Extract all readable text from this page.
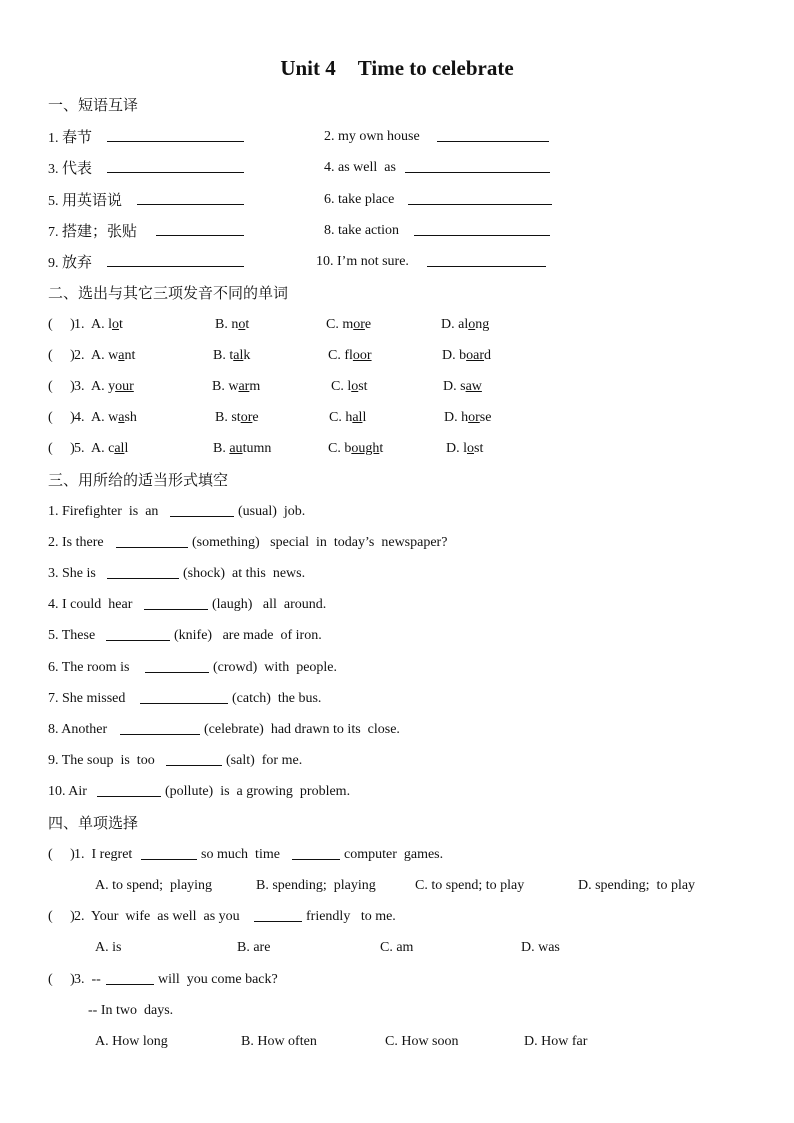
Unit 4 Time to celebrate
一、短语互译
1. 春节	2. my own house
3. 代表	4. as well  as
5. 用英语说	6. take place
7. 搭建；张贴	8. take action
9. 放弃	10. I’m not sure.
二、选出与其它三项发音不同的单词
(     ) 1. A. lot	B. not	C. more	D. along
(     ) 2. A. want	B. talk	C. floor	D. board
(     ) 3. A. your	B. warm	C. lost	D. saw
(     ) 4. A. wash	B. store	C. hall	D. horse
(     ) 5. A. call	B. autumn	C. bought	D. lost
三、用所给的适当形式填空
1. Firefighter  is  an	(usual)  job.
2. Is there	(something)   special  in  today’s  newspaper?
3. She is	(shock)  at this  news.
4. I could  hear	(laugh)   all  around.
5. These	(knife)   are made  of iron.
6. The room is	(crowd)  with  people.
7. She missed	(catch)  the bus.
8. Another	(celebrate)  had drawn to its  close.
9. The soup  is  too	(salt)  for me.
10. Air	(pollute)  is  a growing  problem.
四、单项选择
(     ) 1.  I regret	so much  time	computer  games.
A. to spend;  playing	B. spending;  playing	C. to spend; to play	D. spending;  to play
(     ) 2.  Your  wife  as well  as you	friendly   to me.
A. is	B. are	C. am	D. was
(     ) 3.  --	will  you come back?
-- In two  days.
A. How long	B. How often	C. How soon	D. How far
